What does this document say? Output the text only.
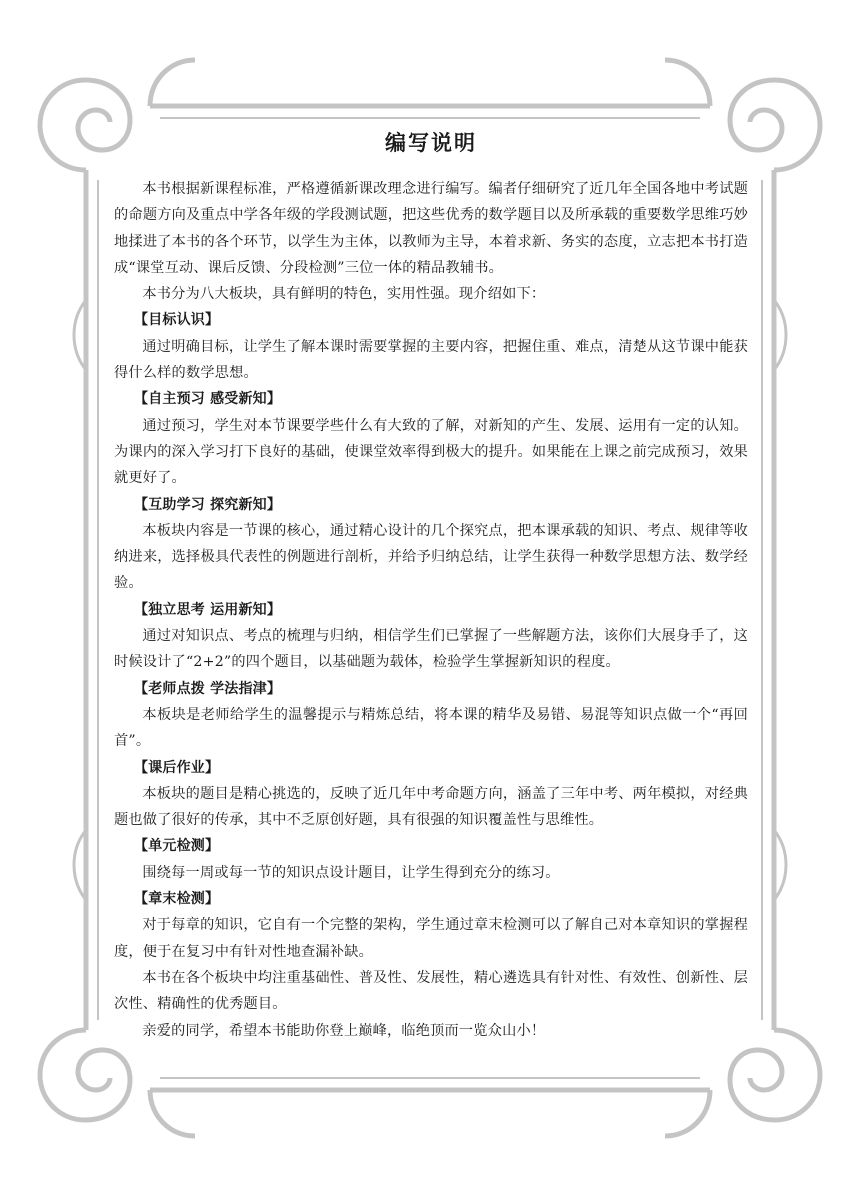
编写说明

本书根据新课程标准，严格遵循新课改理念进行编写。编者仔细研究了近几年全国各地中考试题的命题方向及重点中学各年级的学段测试题，把这些优秀的数学题目以及所承载的重要数学思维巧妙地揉进了本书的各个环节，以学生为主体，以教师为主导，本着求新、务实的态度，立志把本书打造成“课堂互动、课后反馈、分段检测”三位一体的精品教辅书。

本书分为八大板块，具有鲜明的特色，实用性强。现介绍如下：

【目标认识】

通过明确目标，让学生了解本课时需要掌握的主要内容，把握住重、难点，清楚从这节课中能获得什么样的数学思想。

【自主预习 感受新知】

通过预习，学生对本节课要学些什么有大致的了解，对新知的产生、发展、运用有一定的认知。为课内的深入学习打下良好的基础，使课堂效率得到极大的提升。如果能在上课之前完成预习，效果就更好了。

【互助学习 探究新知】

本板块内容是一节课的核心，通过精心设计的几个探究点，把本课承载的知识、考点、规律等收纳进来，选择极具代表性的例题进行剖析，并给予归纳总结，让学生获得一种数学思想方法、数学经验。

【独立思考 运用新知】

通过对知识点、考点的梳理与归纳，相信学生们已掌握了一些解题方法，该你们大展身手了，这时候设计了“2+2”的四个题目，以基础题为载体，检验学生掌握新知识的程度。

【老师点拨 学法指津】

本板块是老师给学生的温馨提示与精炼总结，将本课的精华及易错、易混等知识点做一个“再回首”。

【课后作业】

本板块的题目是精心挑选的，反映了近几年中考命题方向，涵盖了三年中考、两年模拟，对经典题也做了很好的传承，其中不乏原创好题，具有很强的知识覆盖性与思维性。

【单元检测】

围绕每一周或每一节的知识点设计题目，让学生得到充分的练习。

【章末检测】

对于每章的知识，它自有一个完整的架构，学生通过章末检测可以了解自己对本章知识的掌握程度，便于在复习中有针对性地查漏补缺。

本书在各个板块中均注重基础性、普及性、发展性，精心遴选具有针对性、有效性、创新性、层次性、精确性的优秀题目。

亲爱的同学，希望本书能助你登上巅峰，临绝顶而一览众山小！
